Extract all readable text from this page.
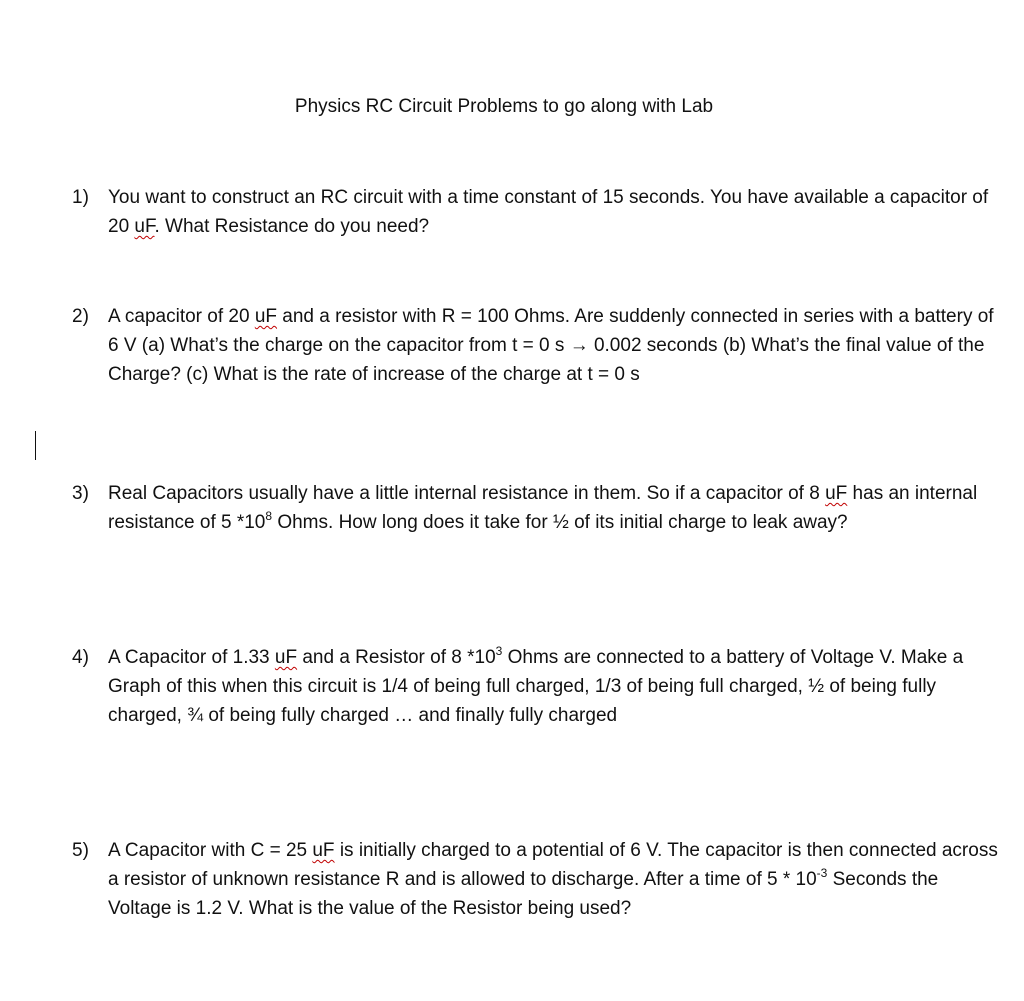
Physics RC Circuit Problems to go along with Lab
1) You want to construct an RC circuit with a time constant of 15 seconds. You have available a capacitor of 20 uF. What Resistance do you need?
2) A capacitor of 20 uF and a resistor with R = 100 Ohms. Are suddenly connected in series with a battery of 6 V (a) What’s the charge on the capacitor from t = 0 s → 0.002 seconds (b) What’s the final value of the Charge? (c) What is the rate of increase of the charge at t = 0 s
3) Real Capacitors usually have a little internal resistance in them. So if a capacitor of 8 uF has an internal resistance of 5 $*10^8$ Ohms. How long does it take for ½ of its initial charge to leak away?
4) A Capacitor of 1.33 uF and a Resistor of 8 $*10^3$ Ohms are connected to a battery of Voltage V. Make a Graph of this when this circuit is 1/4 of being full charged, 1/3 of being full charged, ½ of being fully charged, ¾ of being fully charged … and finally fully charged
5) A Capacitor with C = 25 uF is initially charged to a potential of 6 V. The capacitor is then connected across a resistor of unknown resistance R and is allowed to discharge. After a time of $5 * 10^{-3}$ Seconds the Voltage is 1.2 V. What is the value of the Resistor being used?
